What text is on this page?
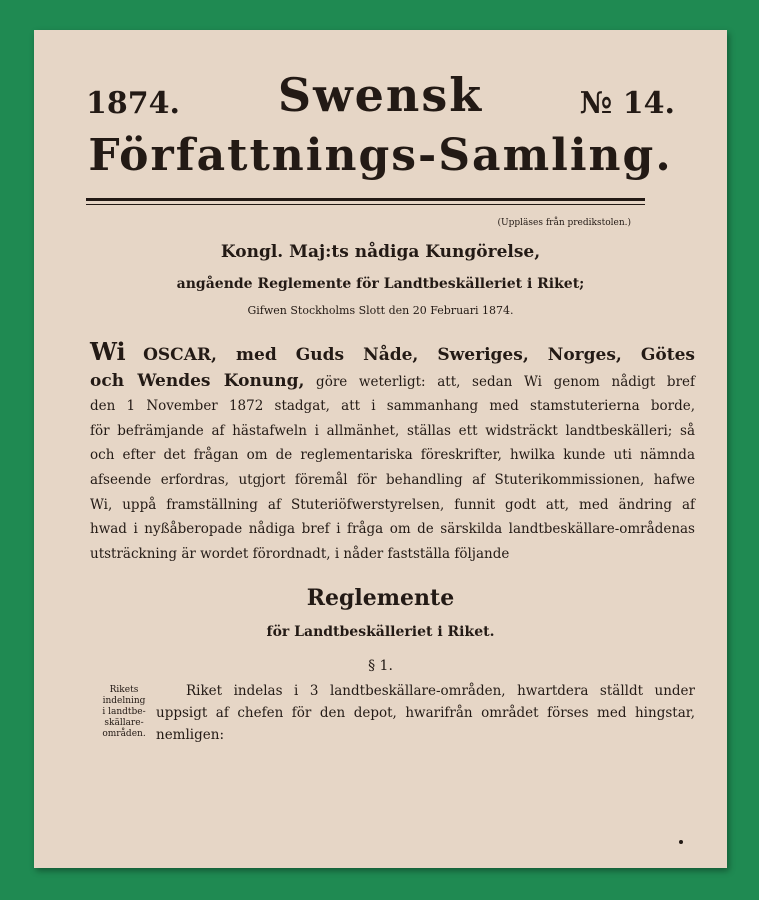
1874.	Swensk	№ 14.
Författnings-Samling.
(Uppläses från predikstolen.)
Kongl. Maj:ts nådiga Kungörelse,
angående Reglemente för Landtbeskälleriet i Riket;
Gifwen Stockholms Slott den 20 Februari 1874.
Wi OSCAR, med Guds Nåde, Sweriges, Norges, Götes
och Wendes Konung, göre weterligt: att, sedan Wi genom nådigt bref
den 1 November 1872 stadgat, att i sammanhang med stamstuterierna borde,
för befrämjande af hästafweln i allmänhet, ställas ett widsträckt landtbeskälleri; så
och efter det frågan om de reglementariska föreskrifter, hwilka kunde uti nämnda
afseende erfordras, utgjort föremål för behandling af Stuterikommissionen, hafwe
Wi, uppå framställning af Stuteriöfwerstyrelsen, funnit godt att, med ändring af
hwad i nyßåberopade nådiga bref i fråga om de särskilda landtbeskällare-områdenas
utsträckning är wordet förordnadt, i nåder fastställa följande
Reglemente
för Landtbeskälleriet i Riket.
§ 1.
Rikets
indelning
i landtbe-
skällare-
områden.
Riket indelas i 3 landtbeskällare-områden, hwartdera ställdt under
uppsigt af chefen för den depot, hwarifrån området förses med hingstar,
nemligen:
